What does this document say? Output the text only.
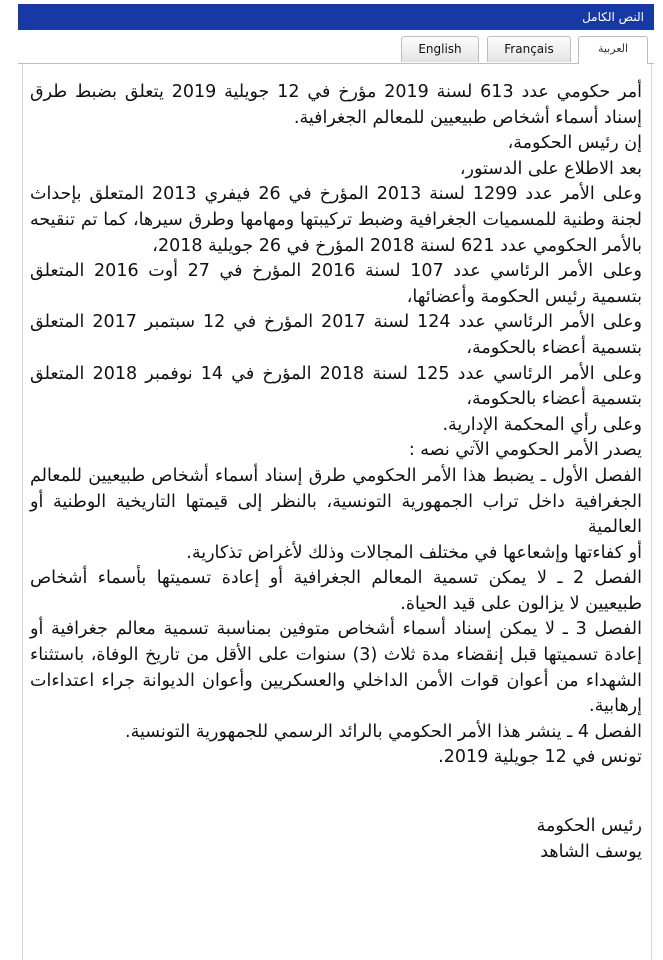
النص الكامل
English	Français	العربية

أمر حكومي عدد 613 لسنة 2019 مؤرخ في 12 جويلية 2019 يتعلق بضبط طرق إسناد أسماء أشخاص طبيعيين للمعالم الجغرافية.

إن رئيس الحكومة،

بعد الاطلاع على الدستور،

وعلى الأمر عدد 1299 لسنة 2013 المؤرخ في 26 فيفري 2013 المتعلق بإحداث لجنة وطنية للمسميات الجغرافية وضبط تركيبتها ومهامها وطرق سيرها، كما تم تنقيحه بالأمر الحكومي عدد 621 لسنة 2018 المؤرخ في 26 جويلية 2018،

وعلى الأمر الرئاسي عدد 107 لسنة 2016 المؤرخ في 27 أوت 2016 المتعلق بتسمية رئيس الحكومة وأعضائها،

وعلى الأمر الرئاسي عدد 124 لسنة 2017 المؤرخ في 12 سبتمبر 2017 المتعلق بتسمية أعضاء بالحكومة،

وعلى الأمر الرئاسي عدد 125 لسنة 2018 المؤرخ في 14 نوفمبر 2018 المتعلق بتسمية أعضاء بالحكومة،

وعلى رأي المحكمة الإدارية.

يصدر الأمر الحكومي الآتي نصه :

الفصل الأول ـ يضبط هذا الأمر الحكومي طرق إسناد أسماء أشخاص طبيعيين للمعالم الجغرافية داخل تراب الجمهورية التونسية، بالنظر إلى قيمتها التاريخية الوطنية أو العالمية

أو كفاءتها وإشعاعها في مختلف المجالات وذلك لأغراض تذكارية.

الفصل 2 ـ لا يمكن تسمية المعالم الجغرافية أو إعادة تسميتها بأسماء أشخاص طبيعيين لا يزالون على قيد الحياة.

الفصل 3 ـ لا يمكن إسناد أسماء أشخاص متوفين بمناسبة تسمية معالم جغرافية أو إعادة تسميتها قبل إنقضاء مدة ثلاث (3) سنوات على الأقل من تاريخ الوفاة، باستثناء الشهداء من أعوان قوات الأمن الداخلي والعسكريين وأعوان الديوانة جراء اعتداءات إرهابية.

الفصل 4 ـ ينشر هذا الأمر الحكومي بالرائد الرسمي للجمهورية التونسية.

تونس في 12 جويلية 2019.

رئيس الحكومة

يوسف الشاهد
